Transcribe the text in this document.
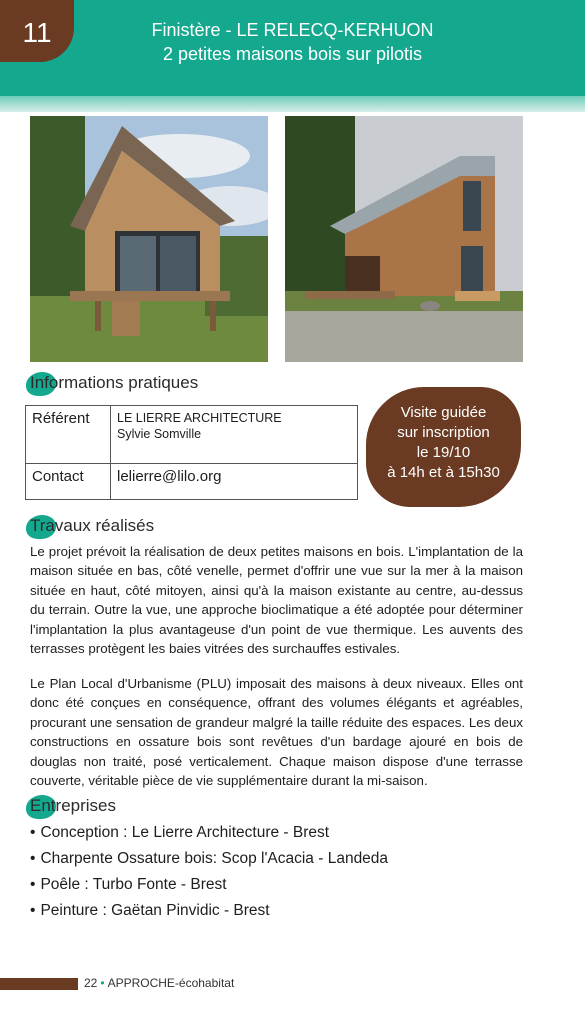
11	Finistère - LE RELECQ-KERHUON
2 petites maisons bois sur pilotis
Informations pratiques
Référent	LE LIERRE ARCHITECTURE
Sylvie Somville

Contact	lelierre@lilo.org
Visite guidée
sur inscription
le 19/10
à 14h et à 15h30
Travaux réalisés

Le projet prévoit la réalisation de deux petites maisons en bois. L'implantation de la maison située en bas, côté venelle, permet d'offrir une vue sur la mer à la maison située en haut, côté mitoyen, ainsi qu'à la maison existante au centre, au-dessus du terrain. Outre la vue, une approche bioclimatique a été adoptée pour déterminer l'implantation la plus avantageuse d'un point de vue thermique. Les auvents des terrasses protègent les baies vitrées des surchauffes estivales.

Le Plan Local d'Urbanisme (PLU) imposait des maisons à deux niveaux. Elles ont donc été conçues en conséquence, offrant des volumes élégants et agréables, procurant une sensation de grandeur malgré la taille réduite des espaces. Les deux constructions en ossature bois sont revêtues d'un bardage ajouré en bois de douglas non traité, posé verticalement. Chaque maison dispose d'une terrasse couverte, véritable pièce de vie supplémentaire durant la mi-saison.

Entreprises
• Conception : Le Lierre Architecture - Brest
• Charpente Ossature bois: Scop l'Acacia - Landeda
• Poêle : Turbo Fonte - Brest
• Peinture : Gaëtan Pinvidic - Brest
22 • APPROCHE-écohabitat
